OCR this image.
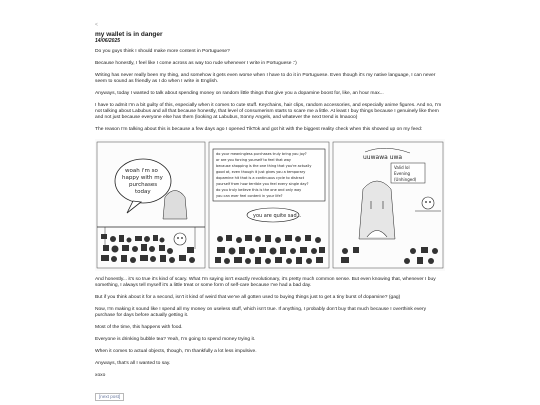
<
my wallet is in danger
14/06/2025

Do you guys think I should make more content in Portuguese?

Because honestly, I feel like I come across as way too rude whenever I write in Portuguese :')

Writing has never really been my thing, and somehow it gets even worse when I have to do it in Portuguese. Even though it's my native language, I can never seem to sound as friendly as I do when I write in English.

Anyways, today I wanted to talk about spending money on random little things that give you a dopamine boost for, like, an hour max...

I have to admit I'm a bit guilty of this, especially when it comes to cute stuff. Keychains, hair clips, random accessories, and especially anime figures. And no, I'm not talking about Labubus and all that because honestly, that level of consumerism starts to scare me a little. At least I buy things because I genuinely like them and not just because everyone else has them (looking at Labubus, Sonny Angels, and whatever the next trend is lmaooo)

The reason I'm talking about this is because a few days ago I opened TikTok and got hit with the biggest reality check when this showed up on my feed:

woah i'm so
happy with my
purchases
today
do your meaningless purchases truly bring you joy?
or are you forcing yourself to feel that way
because shopping is the one thing that you're actually
good at, even though it just gives you a temporary
dopamine hit that is a continuous cycle to distract
yourself from how terrible you feel every single day?
do you truly believe this is the one and only way
you can ever feel content in your life?
you are quite sad...
uuwawa uwa
Valid lol
Evening
(Unhinged)

And honestly... it's so true it's kind of scary. What I'm saying isn't exactly revolutionary, it's pretty much common sense. But even knowing that, whenever I buy something, I always tell myself it's a little treat or some form of self-care because I've had a bad day.

But if you think about it for a second, isn't it kind of weird that we've all gotten used to buying things just to get a tiny burst of dopamine? (gag)

Now, I'm making it sound like I spend all my money on useless stuff, which isn't true. If anything, I probably don't buy that much because I overthink every purchase for days before actually getting it.

Most of the time, this happens with food.

Everyone is drinking bubble tea? Yeah, I'm going to spend money trying it.

When it comes to actual objects, though, I'm thankfully a lot less impulsive.

Anyways, that's all I wanted to say.

xoxo

[next post]
